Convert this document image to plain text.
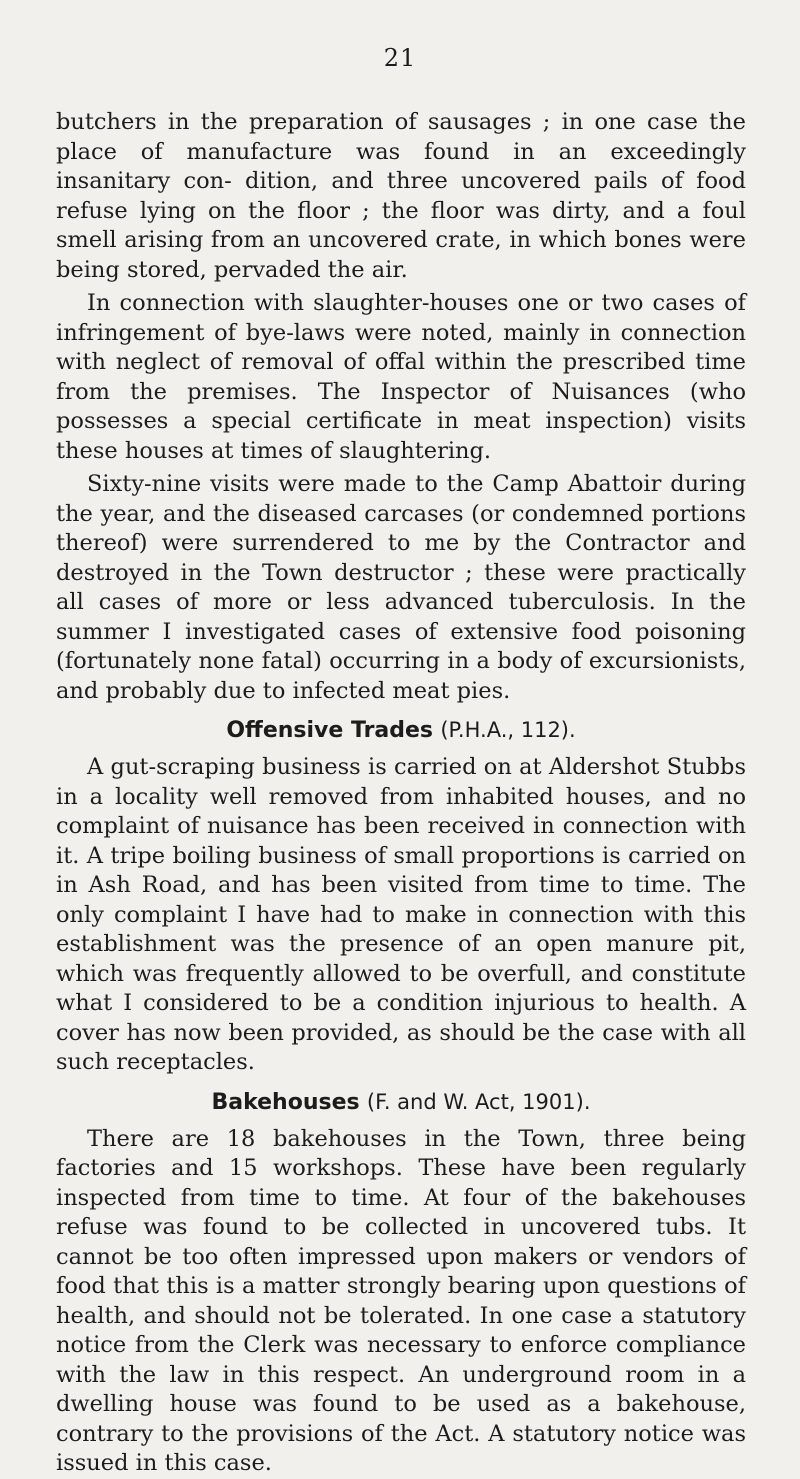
21

butchers in the preparation of sausages ; in one case the place of manufacture was found in an exceedingly insanitary con- dition, and three uncovered pails of food refuse lying on the floor ; the floor was dirty, and a foul smell arising from an uncovered crate, in which bones were being stored, pervaded the air.

In connection with slaughter-houses one or two cases of infringement of bye-laws were noted, mainly in connection with neglect of removal of offal within the prescribed time from the premises. The Inspector of Nuisances (who possesses a special certificate in meat inspection) visits these houses at times of slaughtering.

Sixty-nine visits were made to the Camp Abattoir during the year, and the diseased carcases (or condemned portions thereof) were surrendered to me by the Contractor and destroyed in the Town destructor ; these were practically all cases of more or less advanced tuberculosis. In the summer I investigated cases of extensive food poisoning (fortunately none fatal) occurring in a body of excursionists, and probably due to infected meat pies.

Offensive Trades (P.H.A., 112).

A gut-scraping business is carried on at Aldershot Stubbs in a locality well removed from inhabited houses, and no complaint of nuisance has been received in connection with it. A tripe boiling business of small proportions is carried on in Ash Road, and has been visited from time to time. The only complaint I have had to make in connection with this establishment was the presence of an open manure pit, which was frequently allowed to be overfull, and constitute what I considered to be a condition injurious to health. A cover has now been provided, as should be the case with all such receptacles.

Bakehouses (F. and W. Act, 1901).

There are 18 bakehouses in the Town, three being factories and 15 workshops. These have been regularly inspected from time to time. At four of the bakehouses refuse was found to be collected in uncovered tubs. It cannot be too often impressed upon makers or vendors of food that this is a matter strongly bearing upon questions of health, and should not be tolerated. In one case a statutory notice from the Clerk was necessary to enforce compliance with the law in this respect. An underground room in a dwelling house was found to be used as a bakehouse, contrary to the provisions of the Act. A statutory notice was issued in this case.
